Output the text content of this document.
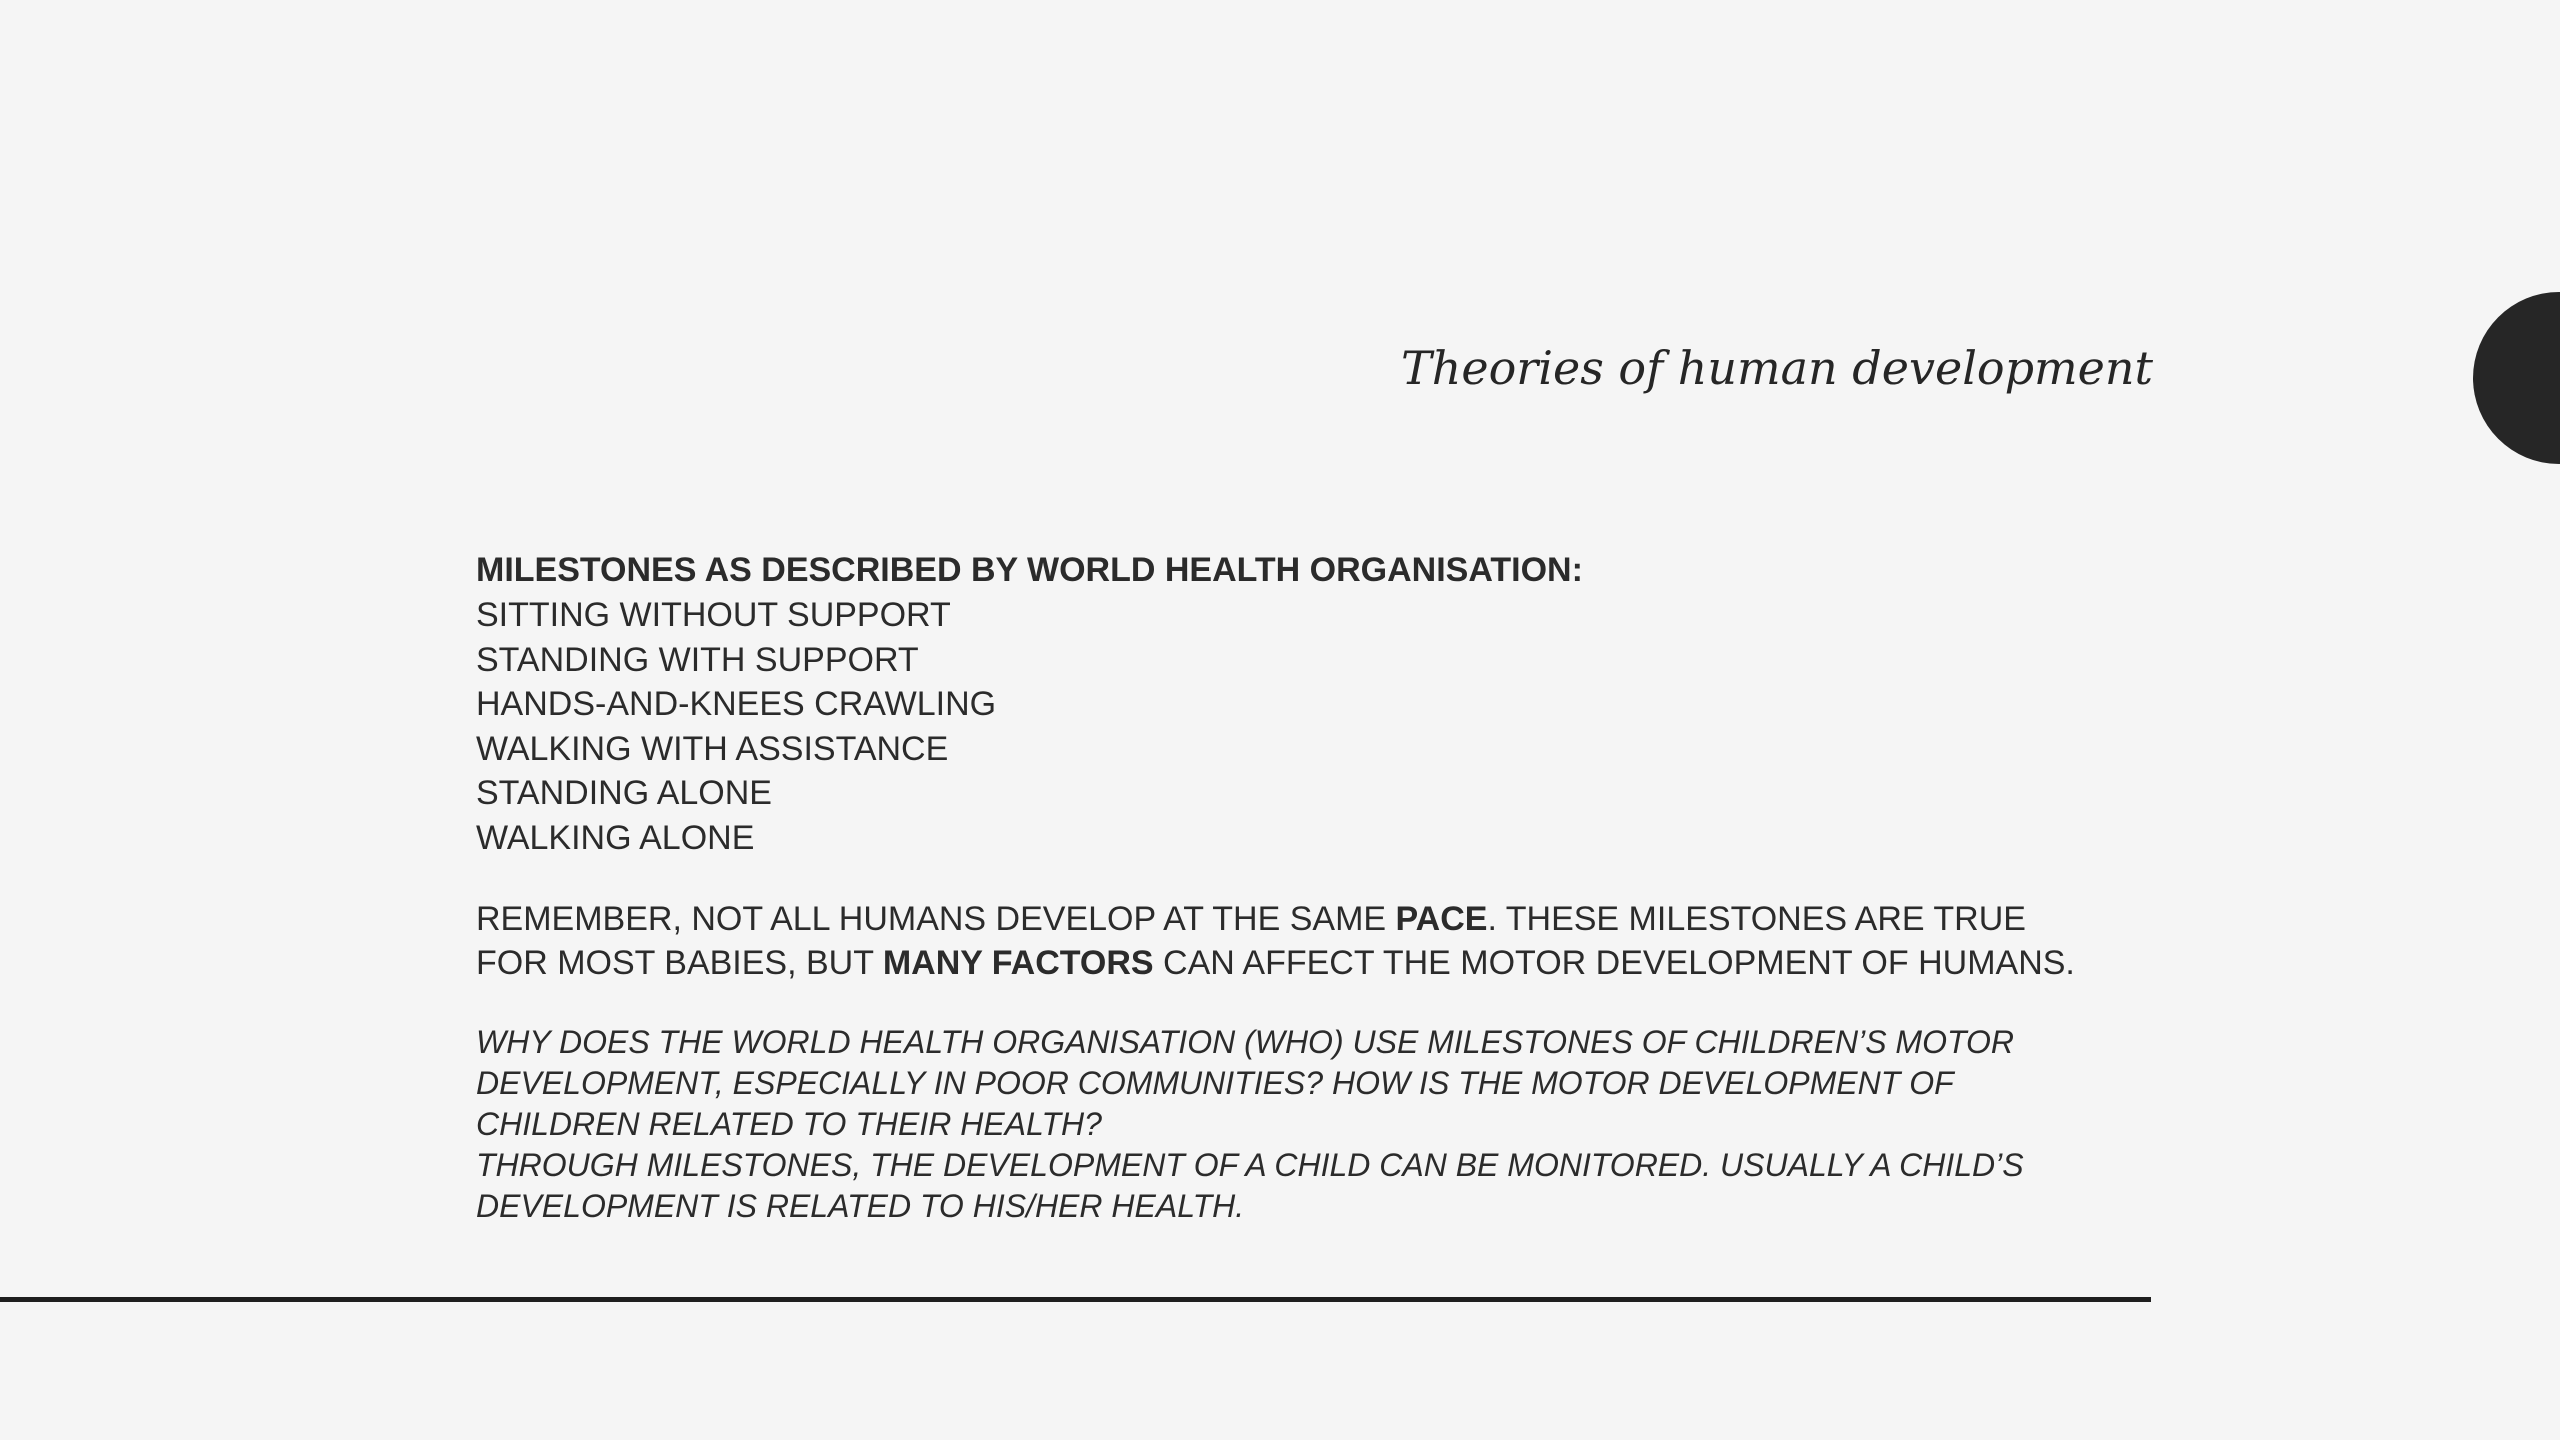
Theories of human development

MILESTONES AS DESCRIBED BY WORLD HEALTH ORGANISATION:

SITTING WITHOUT SUPPORT
STANDING WITH SUPPORT
HANDS-AND-KNEES CRAWLING
WALKING WITH ASSISTANCE
STANDING ALONE
WALKING ALONE

REMEMBER, NOT ALL HUMANS DEVELOP AT THE SAME PACE. THESE MILESTONES ARE TRUE
FOR MOST BABIES, BUT MANY FACTORS CAN AFFECT THE MOTOR DEVELOPMENT OF HUMANS.

WHY DOES THE WORLD HEALTH ORGANISATION (WHO) USE MILESTONES OF CHILDREN’S MOTOR
DEVELOPMENT, ESPECIALLY IN POOR COMMUNITIES? HOW IS THE MOTOR DEVELOPMENT OF
CHILDREN RELATED TO THEIR HEALTH?
THROUGH MILESTONES, THE DEVELOPMENT OF A CHILD CAN BE MONITORED. USUALLY A CHILD’S
DEVELOPMENT IS RELATED TO HIS/HER HEALTH.
